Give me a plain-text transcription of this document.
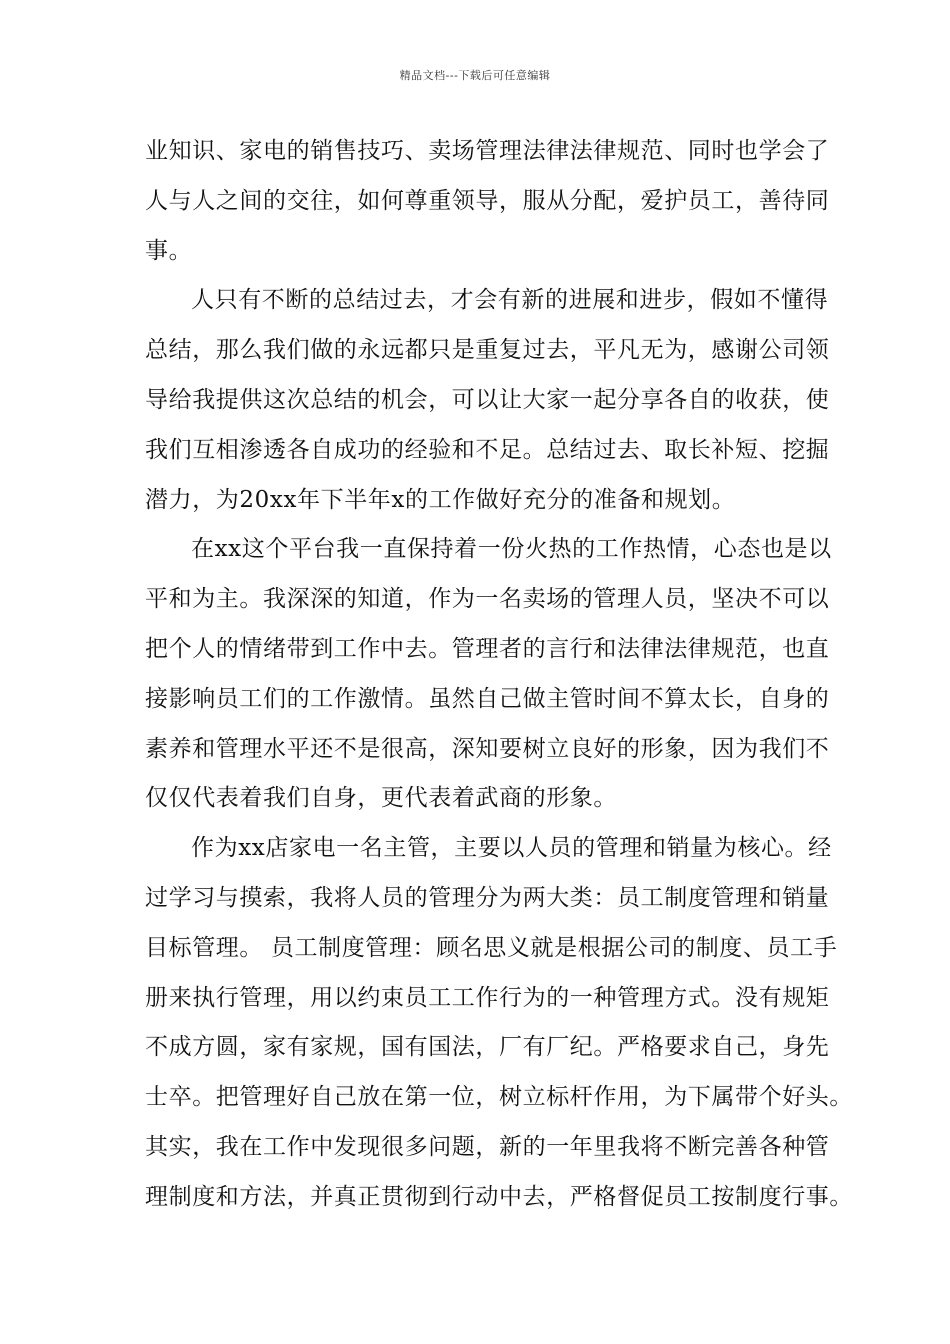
精品文档---下载后可任意编辑
业知识、家电的销售技巧、卖场管理法律法律规范、同时也学会了
人与人之间的交往，如何尊重领导，服从分配，爱护员工，善待同
事。
人只有不断的总结过去，才会有新的进展和进步，假如不懂得
总结，那么我们做的永远都只是重复过去，平凡无为，感谢公司领
导给我提供这次总结的机会，可以让大家一起分享各自的收获，使
我们互相渗透各自成功的经验和不足。总结过去、取长补短、挖掘
潜力，为20xx年下半年x的工作做好充分的准备和规划。
在xx这个平台我一直保持着一份火热的工作热情，心态也是以
平和为主。我深深的知道，作为一名卖场的管理人员，坚决不可以
把个人的情绪带到工作中去。管理者的言行和法律法律规范，也直
接影响员工们的工作激情。虽然自己做主管时间不算太长，自身的
素养和管理水平还不是很高，深知要树立良好的形象，因为我们不
仅仅代表着我们自身，更代表着武商的形象。
作为xx店家电一名主管，主要以人员的管理和销量为核心。经
过学习与摸索，我将人员的管理分为两大类：员工制度管理和销量
目标管理。 员工制度管理：顾名思义就是根据公司的制度、员工手
册来执行管理，用以约束员工工作行为的一种管理方式。没有规矩
不成方圆，家有家规，国有国法，厂有厂纪。严格要求自己，身先
士卒。把管理好自己放在第一位，树立标杆作用，为下属带个好头。
其实，我在工作中发现很多问题，新的一年里我将不断完善各种管
理制度和方法，并真正贯彻到行动中去，严格督促员工按制度行事。
